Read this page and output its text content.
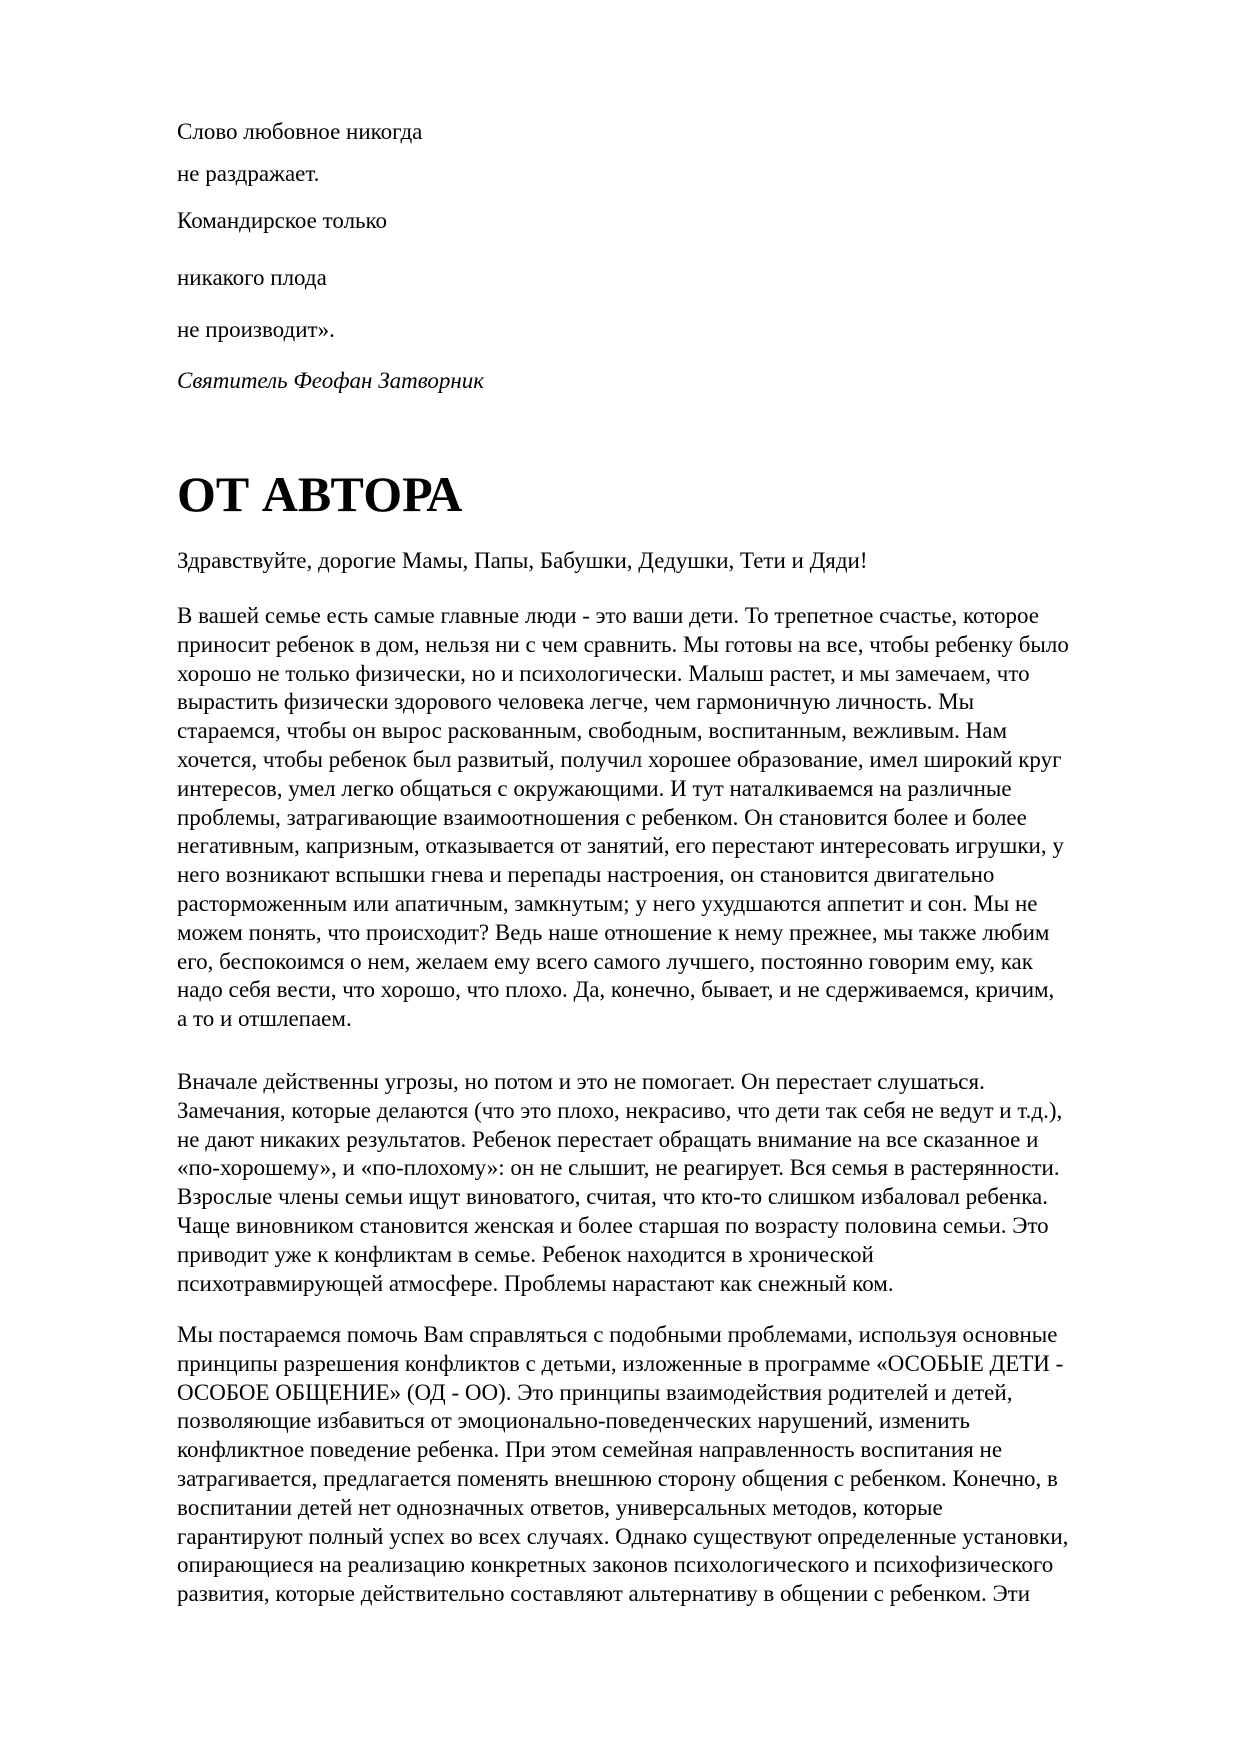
Слово любовное никогда

не раздражает.

Командирское только

никакого плода

не производит».

Святитель Феофан Затворник

ОТ АВТОРА

Здравствуйте, дорогие Мамы, Папы, Бабушки, Дедушки, Тети и Дяди!

В вашей семье есть самые главные люди - это ваши дети. То трепетное счастье, которое
приносит ребенок в дом, нельзя ни с чем сравнить. Мы готовы на все, чтобы ребенку было
хорошо не только физически, но и психологически. Малыш растет, и мы замечаем, что
вырастить физически здорового человека легче, чем гармоничную личность. Мы
стараемся, чтобы он вырос раскованным, свободным, воспитанным, вежливым. Нам
хочется, чтобы ребенок был развитый, получил хорошее образование, имел широкий круг
интересов, умел легко общаться с окружающими. И тут наталкиваемся на различные
проблемы, затрагивающие взаимоотношения с ребенком. Он становится более и более
негативным, капризным, отказывается от занятий, его перестают интересовать игрушки, у
него возникают вспышки гнева и перепады настроения, он становится двигательно
расторможенным или апатичным, замкнутым; у него ухудшаются аппетит и сон. Мы не
можем понять, что происходит? Ведь наше отношение к нему прежнее, мы также любим
его, беспокоимся о нем, желаем ему всего самого лучшего, постоянно говорим ему, как
надо себя вести, что хорошо, что плохо. Да, конечно, бывает, и не сдерживаемся, кричим,
а то и отшлепаем.

Вначале действенны угрозы, но потом и это не помогает. Он перестает слушаться.
Замечания, которые делаются (что это плохо, некрасиво, что дети так себя не ведут и т.д.),
не дают никаких результатов. Ребенок перестает обращать внимание на все сказанное и
«по-хорошему», и «по-плохому»: он не слышит, не реагирует. Вся семья в растерянности.
Взрослые члены семьи ищут виноватого, считая, что кто-то слишком избаловал ребенка.
Чаще виновником становится женская и более старшая по возрасту половина семьи. Это
приводит уже к конфликтам в семье. Ребенок находится в хронической
психотравмирующей атмосфере. Проблемы нарастают как снежный ком.

Мы постараемся помочь Вам справляться с подобными проблемами, используя основные
принципы разрешения конфликтов с детьми, изложенные в программе «ОСОБЫЕ ДЕТИ -
ОСОБОЕ ОБЩЕНИЕ» (ОД - ОО). Это принципы взаимодействия родителей и детей,
позволяющие избавиться от эмоционально-поведенческих нарушений, изменить
конфликтное поведение ребенка. При этом семейная направленность воспитания не
затрагивается, предлагается поменять внешнюю сторону общения с ребенком. Конечно, в
воспитании детей нет однозначных ответов, универсальных методов, которые
гарантируют полный успех во всех случаях. Однако существуют определенные установки,
опирающиеся на реализацию конкретных законов психологического и психофизического
развития, которые действительно составляют альтернативу в общении с ребенком. Эти
